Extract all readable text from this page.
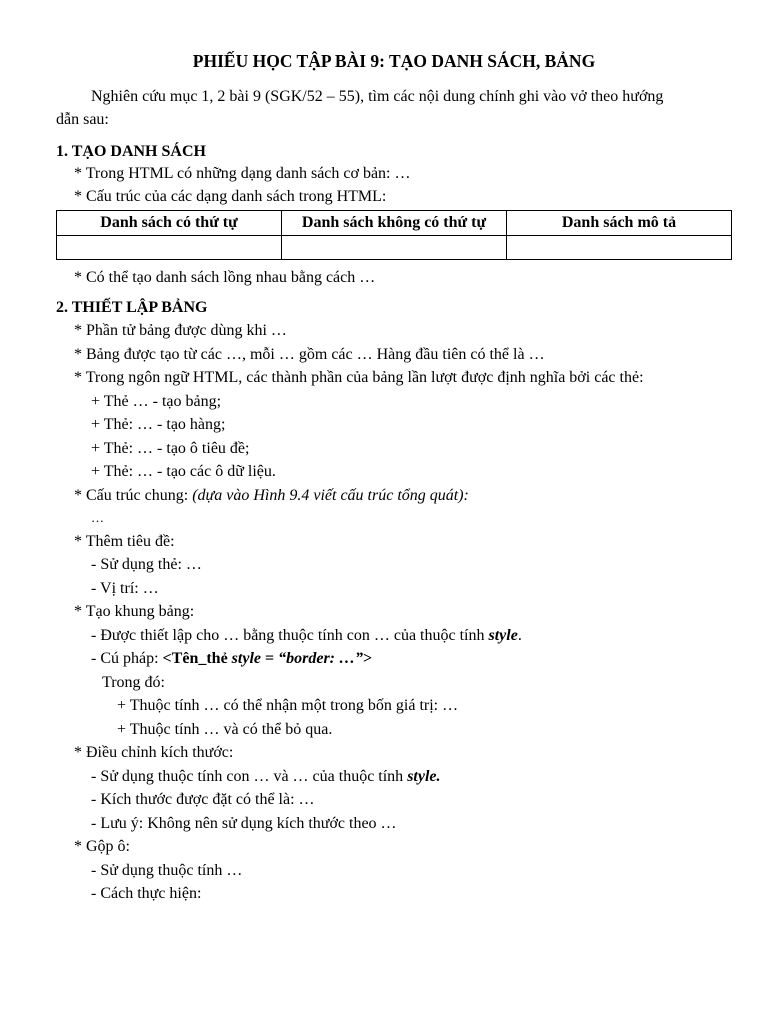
PHIẾU HỌC TẬP BÀI 9: TẠO DANH SÁCH, BẢNG
Nghiên cứu mục 1, 2 bài 9 (SGK/52 – 55), tìm các nội dung chính ghi vào vở theo hướng
dẫn sau:
1. TẠO DANH SÁCH
* Trong HTML có những dạng danh sách cơ bản: …
* Cấu trúc của các dạng danh sách trong HTML:
Danh sách có thứ tự	Danh sách không có thứ tự	Danh sách mô tả

* Có thể tạo danh sách lồng nhau bằng cách …
2. THIẾT LẬP BẢNG
* Phần tử bảng được dùng khi …
* Bảng được tạo từ các …, mỗi … gồm các … Hàng đầu tiên có thể là …
* Trong ngôn ngữ HTML, các thành phần của bảng lần lượt được định nghĩa bởi các thẻ:
+ Thẻ … - tạo bảng;
+ Thẻ: … - tạo hàng;
+ Thẻ: … - tạo ô tiêu đề;
+ Thẻ: … - tạo các ô dữ liệu.
* Cấu trúc chung: (dựa vào Hình 9.4 viết cấu trúc tổng quát):
…
* Thêm tiêu đề:
- Sử dụng thẻ: …
- Vị trí: …
* Tạo khung bảng:
- Được thiết lập cho … bằng thuộc tính con … của thuộc tính style.
- Cú pháp: <Tên_thẻ style = “border: …”>
Trong đó:
+ Thuộc tính … có thể nhận một trong bốn giá trị: …
+ Thuộc tính … và có thể bỏ qua.
* Điều chỉnh kích thước:
- Sử dụng thuộc tính con … và … của thuộc tính style.
- Kích thước được đặt có thể là: …
- Lưu ý: Không nên sử dụng kích thước theo …
* Gộp ô:
- Sử dụng thuộc tính …
- Cách thực hiện:
